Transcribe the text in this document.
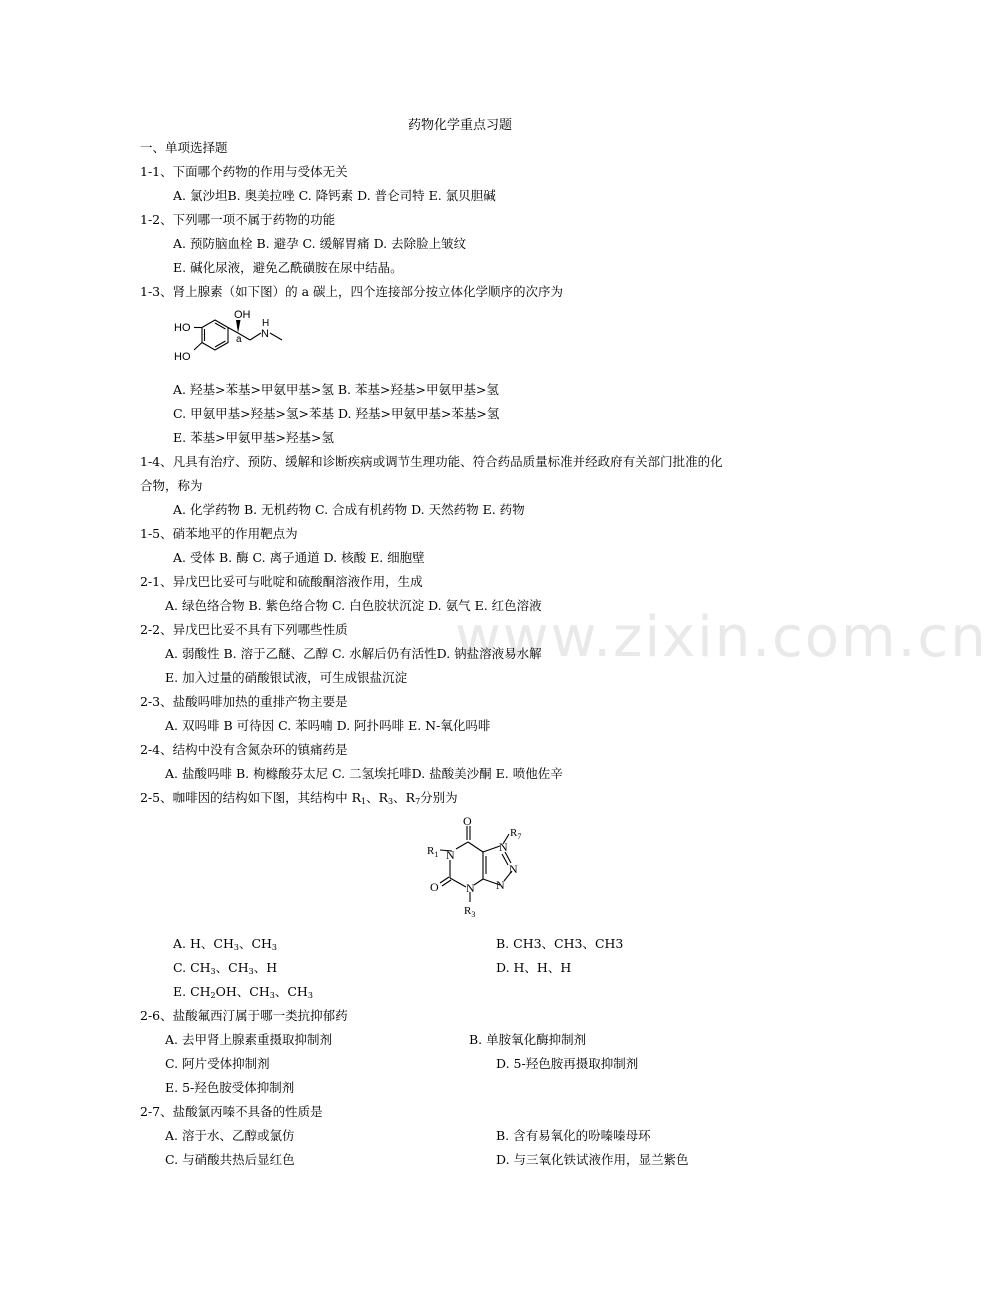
www.zixin.com.cn
药物化学重点习题
一、单项选择题
1-1、下面哪个药物的作用与受体无关
A. 氯沙坦B. 奥美拉唑 C. 降钙素 D. 普仑司特 E. 氯贝胆碱
1-2、下列哪一项不属于药物的功能
A. 预防脑血栓 B. 避孕 C. 缓解胃痛 D. 去除脸上皱纹
E. 碱化尿液，避免乙酰磺胺在尿中结晶。
1-3、肾上腺素（如下图）的 a 碳上，四个连接部分按立体化学顺序的次序为
HO
HO
OH
a N
H
A. 羟基>苯基>甲氨甲基>氢 B. 苯基>羟基>甲氨甲基>氢
C. 甲氨甲基>羟基>氢>苯基 D. 羟基>甲氨甲基>苯基>氢
E. 苯基>甲氨甲基>羟基>氢
1-4、凡具有治疗、预防、缓解和诊断疾病或调节生理功能、符合药品质量标准并经政府有关部门批准的化
合物，称为
A. 化学药物 B. 无机药物 C. 合成有机药物 D. 天然药物 E. 药物
1-5、硝苯地平的作用靶点为
A. 受体 B. 酶 C. 离子通道 D. 核酸 E. 细胞壁
2-1、异戊巴比妥可与吡啶和硫酸酮溶液作用，生成
A. 绿色络合物 B. 紫色络合物 C. 白色胶状沉淀 D. 氨气 E. 红色溶液
2-2、异戊巴比妥不具有下列哪些性质
A. 弱酸性 B. 溶于乙醚、乙醇 C. 水解后仍有活性D. 钠盐溶液易水解
E. 加入过量的硝酸银试液，可生成银盐沉淀
2-3、盐酸吗啡加热的重排产物主要是
A. 双吗啡 B 可待因 C. 苯吗喃 D. 阿扑吗啡 E. N-氧化吗啡
2-4、结构中没有含氮杂环的镇痛药是
A. 盐酸吗啡 B. 枸橼酸芬太尼 C. 二氢埃托啡D. 盐酸美沙酮 E. 喷他佐辛
2-5、咖啡因的结构如下图，其结构中 $R_1$、$R_3$、$R_7$分别为
O
O
N
N
N
N
N
$R_1$
$R_3$
$R_7$
A. H、$CH_3$、$CH_3$	B. CH3、CH3、CH3
C. $CH_3$、$CH_3$、H	D. H、H、H
E. $CH_2OH$、$CH_3$、$CH_3$
2-6、盐酸氟西汀属于哪一类抗抑郁药
A. 去甲肾上腺素重摄取抑制剂	B. 单胺氧化酶抑制剂
C. 阿片受体抑制剂	D. 5-羟色胺再摄取抑制剂
E. 5-羟色胺受体抑制剂
2-7、盐酸氯丙嗪不具备的性质是
A. 溶于水、乙醇或氯仿	B. 含有易氧化的吩嗪嗪母环
C. 与硝酸共热后显红色	D. 与三氧化铁试液作用，显兰紫色
